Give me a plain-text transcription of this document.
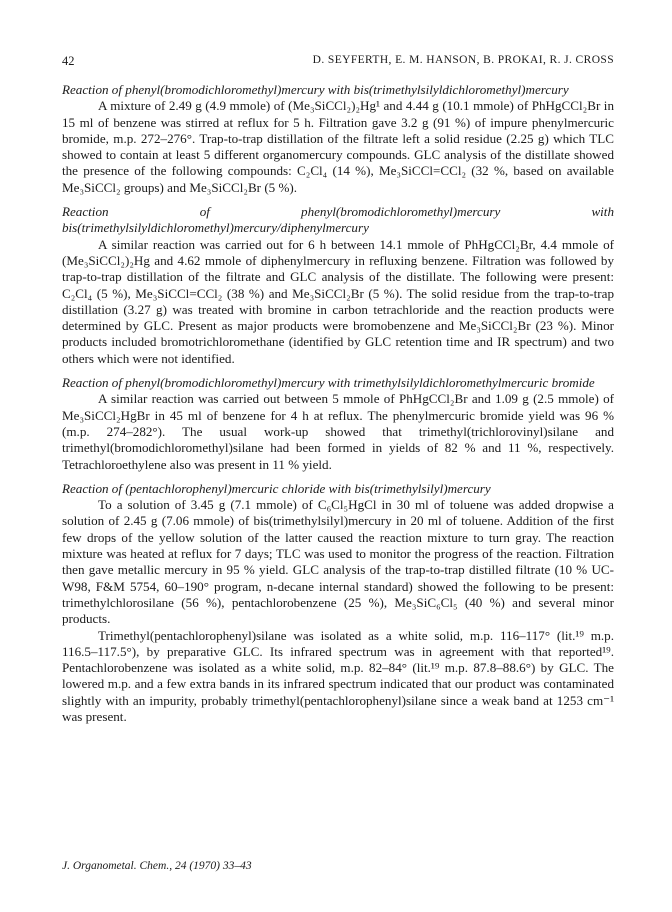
42	D. SEYFERTH, E. M. HANSON, B. PROKAI, R. J. CROSS

Reaction of phenyl(bromodichloromethyl)mercury with bis(trimethylsilyldichloromethyl)mercury

A mixture of 2.49 g (4.9 mmole) of (Me₃SiCCl₂)₂Hg¹ and 4.44 g (10.1 mmole) of PhHgCCl₂Br in 15 ml of benzene was stirred at reflux for 5 h. Filtration gave 3.2 g (91 %) of impure phenylmercuric bromide, m.p. 272–276°. Trap-to-trap distillation of the filtrate left a solid residue (2.25 g) which TLC showed to contain at least 5 different organomercury compounds. GLC analysis of the distillate showed the presence of the following compounds: C₂Cl₄ (14 %), Me₃SiCCl=CCl₂ (32 %, based on available Me₃SiCCl₂ groups) and Me₃SiCCl₂Br (5 %).

Reaction of phenyl(bromodichloromethyl)mercury with bis(trimethylsilyldichloromethyl)mercury/diphenylmercury

A similar reaction was carried out for 6 h between 14.1 mmole of PhHgCCl₂Br, 4.4 mmole of (Me₃SiCCl₂)₂Hg and 4.62 mmole of diphenylmercury in refluxing benzene. Filtration was followed by trap-to-trap distillation of the filtrate and GLC analysis of the distillate. The following were present: C₂Cl₄ (5 %), Me₃SiCCl=CCl₂ (38 %) and Me₃SiCCl₂Br (5 %). The solid residue from the trap-to-trap distillation (3.27 g) was treated with bromine in carbon tetrachloride and the reaction products were determined by GLC. Present as major products were bromobenzene and Me₃SiCCl₂Br (23 %). Minor products included bromotrichloromethane (identified by GLC retention time and IR spectrum) and two others which were not identified.

Reaction of phenyl(bromodichloromethyl)mercury with trimethylsilyldichloromethylmercuric bromide

A similar reaction was carried out between 5 mmole of PhHgCCl₂Br and 1.09 g (2.5 mmole) of Me₃SiCCl₂HgBr in 45 ml of benzene for 4 h at reflux. The phenylmercuric bromide yield was 96 % (m.p. 274–282°). The usual work-up showed that trimethyl(trichlorovinyl)silane and trimethyl(bromodichloromethyl)silane had been formed in yields of 82 % and 11 %, respectively. Tetrachloroethylene also was present in 11 % yield.

Reaction of (pentachlorophenyl)mercuric chloride with bis(trimethylsilyl)mercury

To a solution of 3.45 g (7.1 mmole) of C₆Cl₅HgCl in 30 ml of toluene was added dropwise a solution of 2.45 g (7.06 mmole) of bis(trimethylsilyl)mercury in 20 ml of toluene. Addition of the first few drops of the yellow solution of the latter caused the reaction mixture to turn gray. The reaction mixture was heated at reflux for 7 days; TLC was used to monitor the progress of the reaction. Filtration then gave metallic mercury in 95 % yield. GLC analysis of the trap-to-trap distilled filtrate (10 % UC-W98, F&M 5754, 60–190° program, n-decane internal standard) showed the following to be present: trimethylchlorosilane (56 %), pentachlorobenzene (25 %), Me₃SiC₆Cl₅ (40 %) and several minor products.

Trimethyl(pentachlorophenyl)silane was isolated as a white solid, m.p. 116–117° (lit.¹⁹ m.p. 116.5–117.5°), by preparative GLC. Its infrared spectrum was in agreement with that reported¹⁹. Pentachlorobenzene was isolated as a white solid, m.p. 82–84° (lit.¹⁹ m.p. 87.8–88.6°) by GLC. The lowered m.p. and a few extra bands in its infrared spectrum indicated that our product was contaminated slightly with an impurity, probably trimethyl(pentachlorophenyl)silane since a weak band at 1253 cm⁻¹ was present.

J. Organometal. Chem., 24 (1970) 33–43
